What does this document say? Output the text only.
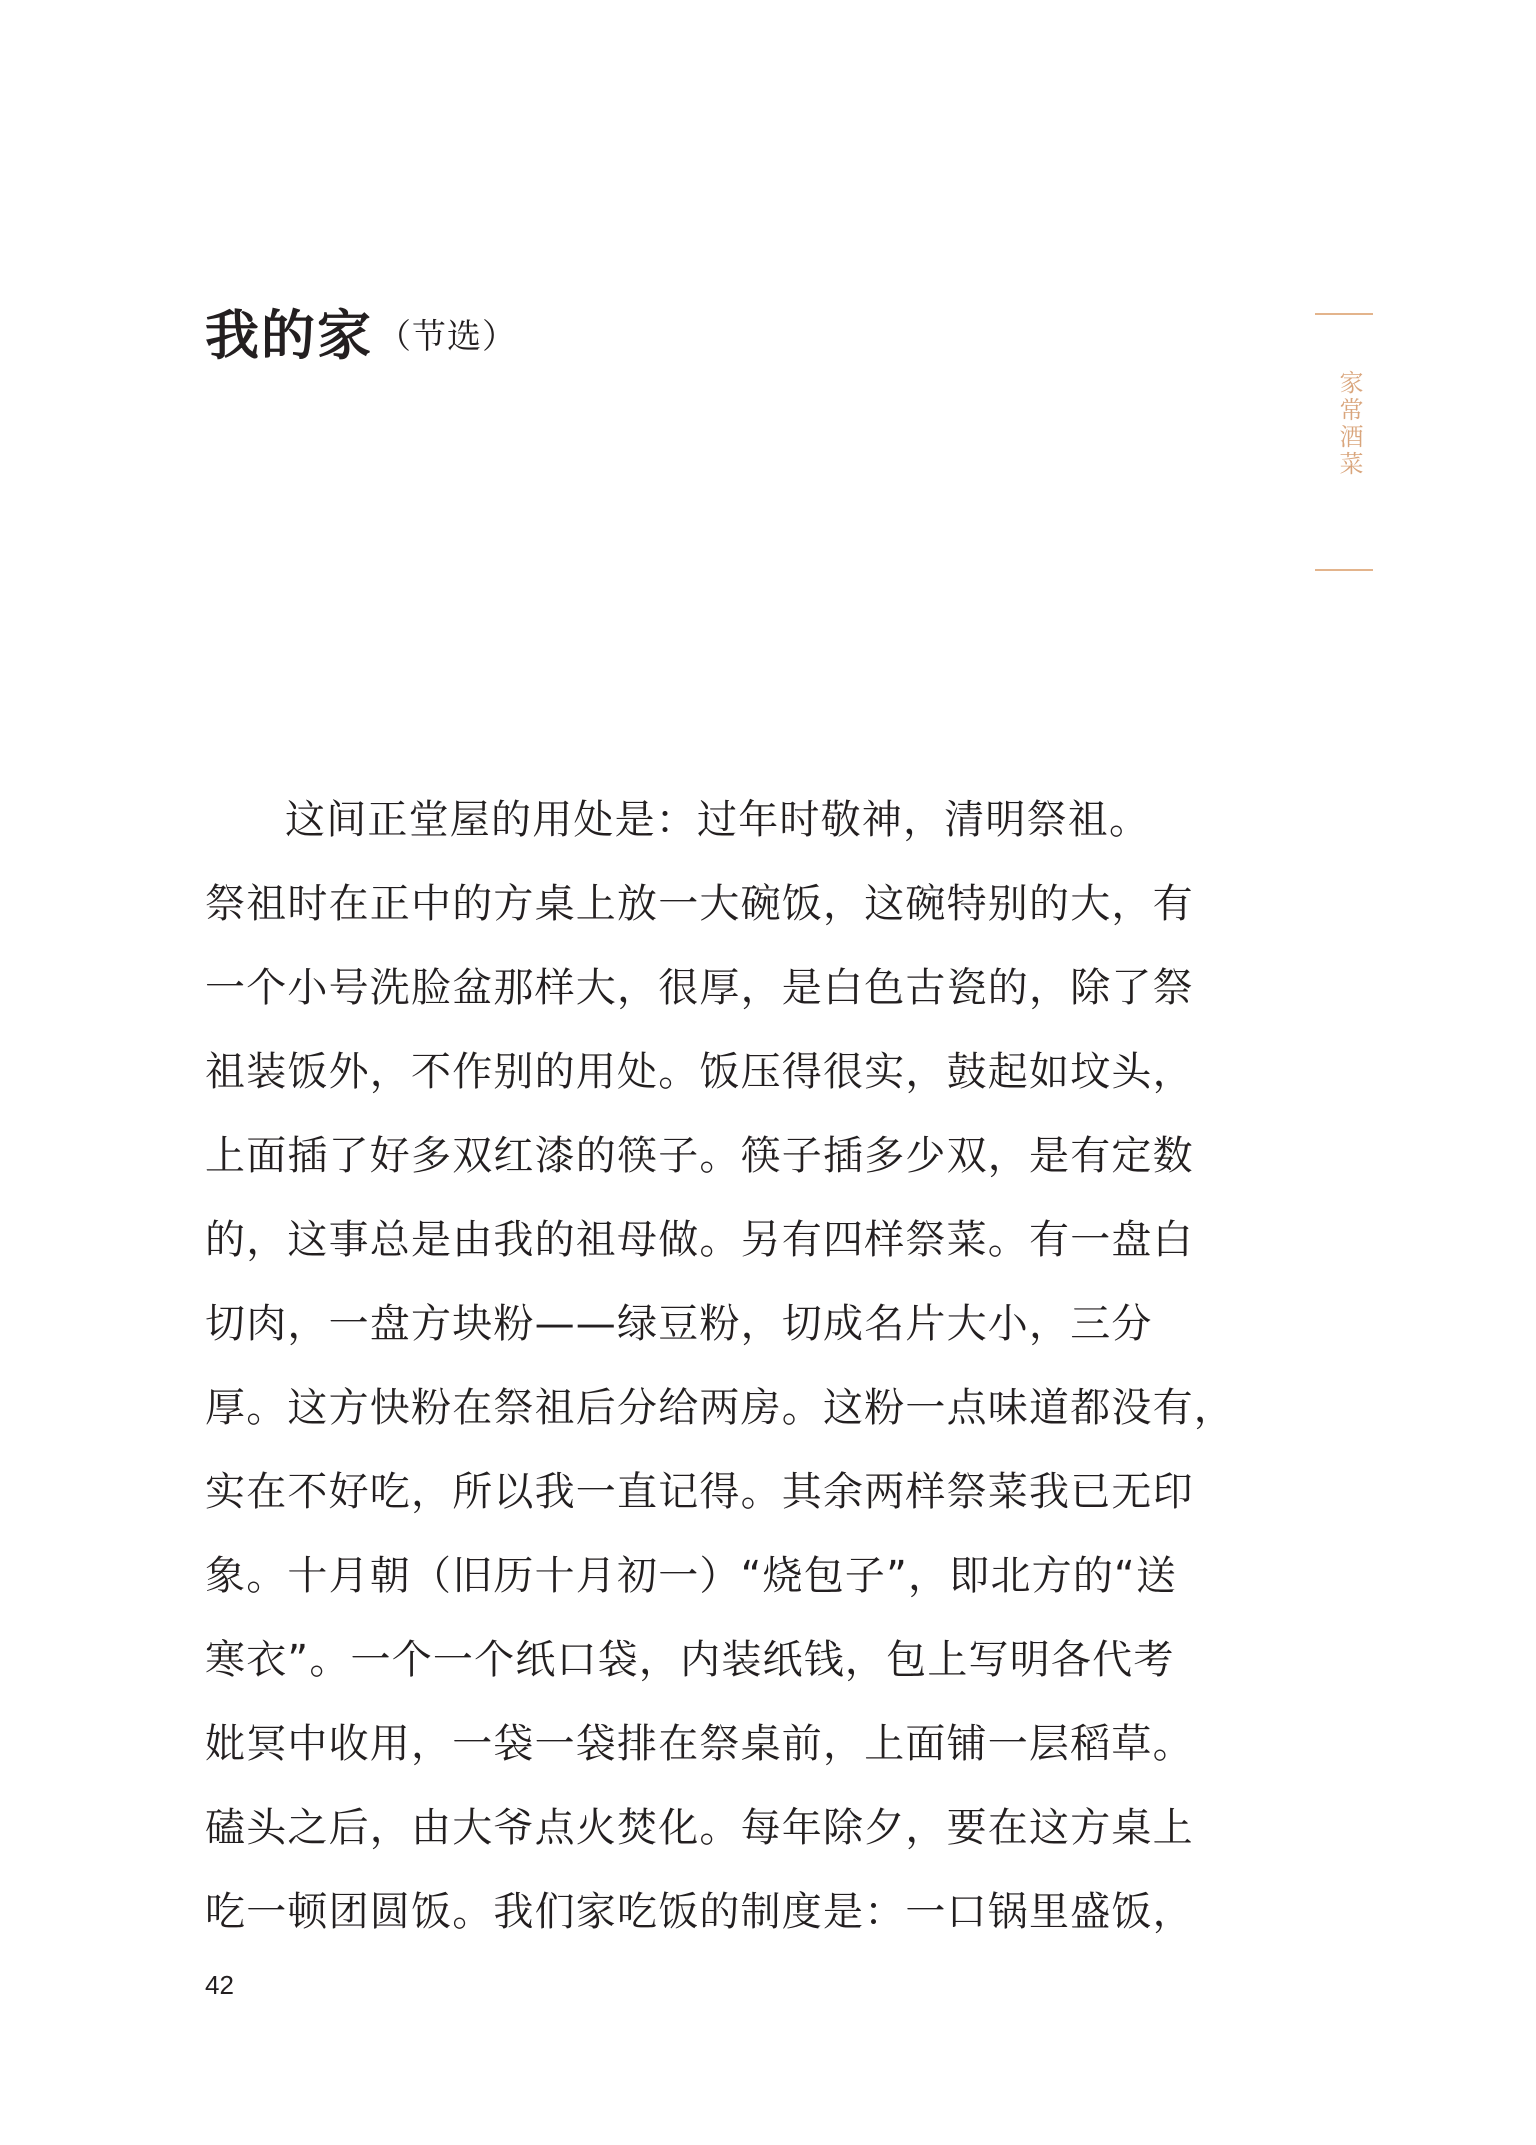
我的家 （节选）
家常酒菜
这间正堂屋的用处是：过年时敬神，清明祭祖。
祭祖时在正中的方桌上放一大碗饭，这碗特别的大，有
一个小号洗脸盆那样大，很厚，是白色古瓷的，除了祭
祖装饭外，不作别的用处。饭压得很实，鼓起如坟头，
上面插了好多双红漆的筷子。筷子插多少双，是有定数
的，这事总是由我的祖母做。另有四样祭菜。有一盘白
切肉，一盘方块粉——绿豆粉，切成名片大小，三分
厚。这方快粉在祭祖后分给两房。这粉一点味道都没有，
实在不好吃，所以我一直记得。其余两样祭菜我已无印
象。十月朝（旧历十月初一）“烧包子”，即北方的“送
寒衣”。一个一个纸口袋，内装纸钱，包上写明各代考
妣冥中收用，一袋一袋排在祭桌前，上面铺一层稻草。
磕头之后，由大爷点火焚化。每年除夕，要在这方桌上
吃一顿团圆饭。我们家吃饭的制度是：一口锅里盛饭，
42
